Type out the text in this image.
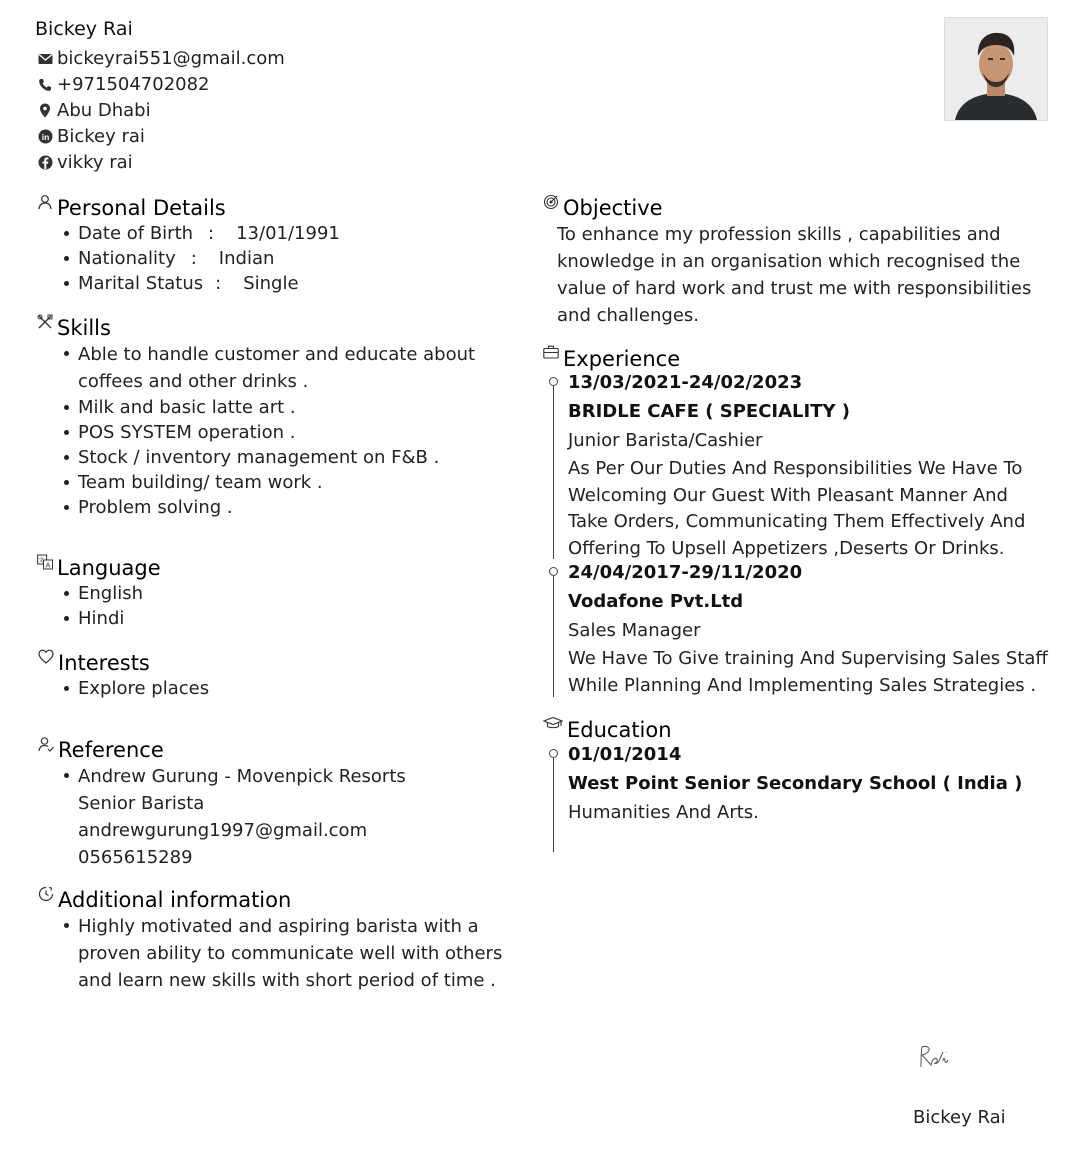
Bickey Rai
bickeyrai551@gmail.com
+971504702082
Abu Dhabi
in Bickey rai
vikky rai
Personal Details
Date of Birth : 13/01/1991
Nationality : Indian
Marital Status : Single
Skills
Able to handle customer and educate about coffees and other drinks .
Milk and basic latte art .
POS SYSTEM operation .
Stock / inventory management on F&B .
Team building/ team work .
Problem solving .
A
文 Language
English
Hindi
Interests
Explore places
Reference
Andrew Gurung - Movenpick Resorts
Senior Barista
andrewgurung1997@gmail.com
0565615289
Additional information
Highly motivated and aspiring barista with a proven ability to communicate well with others and learn new skills with short period of time .
Objective
To enhance my profession skills , capabilities and knowledge in an organisation which recognised the value of hard work and trust me with responsibilities and challenges.
Experience
13/03/2021-24/02/2023
BRIDLE CAFE ( SPECIALITY )
Junior Barista/Cashier
As Per Our Duties And Responsibilities We Have To Welcoming Our Guest With Pleasant Manner And Take Orders, Communicating Them Effectively And Offering To Upsell Appetizers ,Deserts Or Drinks.
24/04/2017-29/11/2020
Vodafone Pvt.Ltd
Sales Manager
We Have To Give training And Supervising Sales Staff While Planning And Implementing Sales Strategies .
Education
01/01/2014
West Point Senior Secondary School ( India )
Humanities And Arts.
Bickey Rai
